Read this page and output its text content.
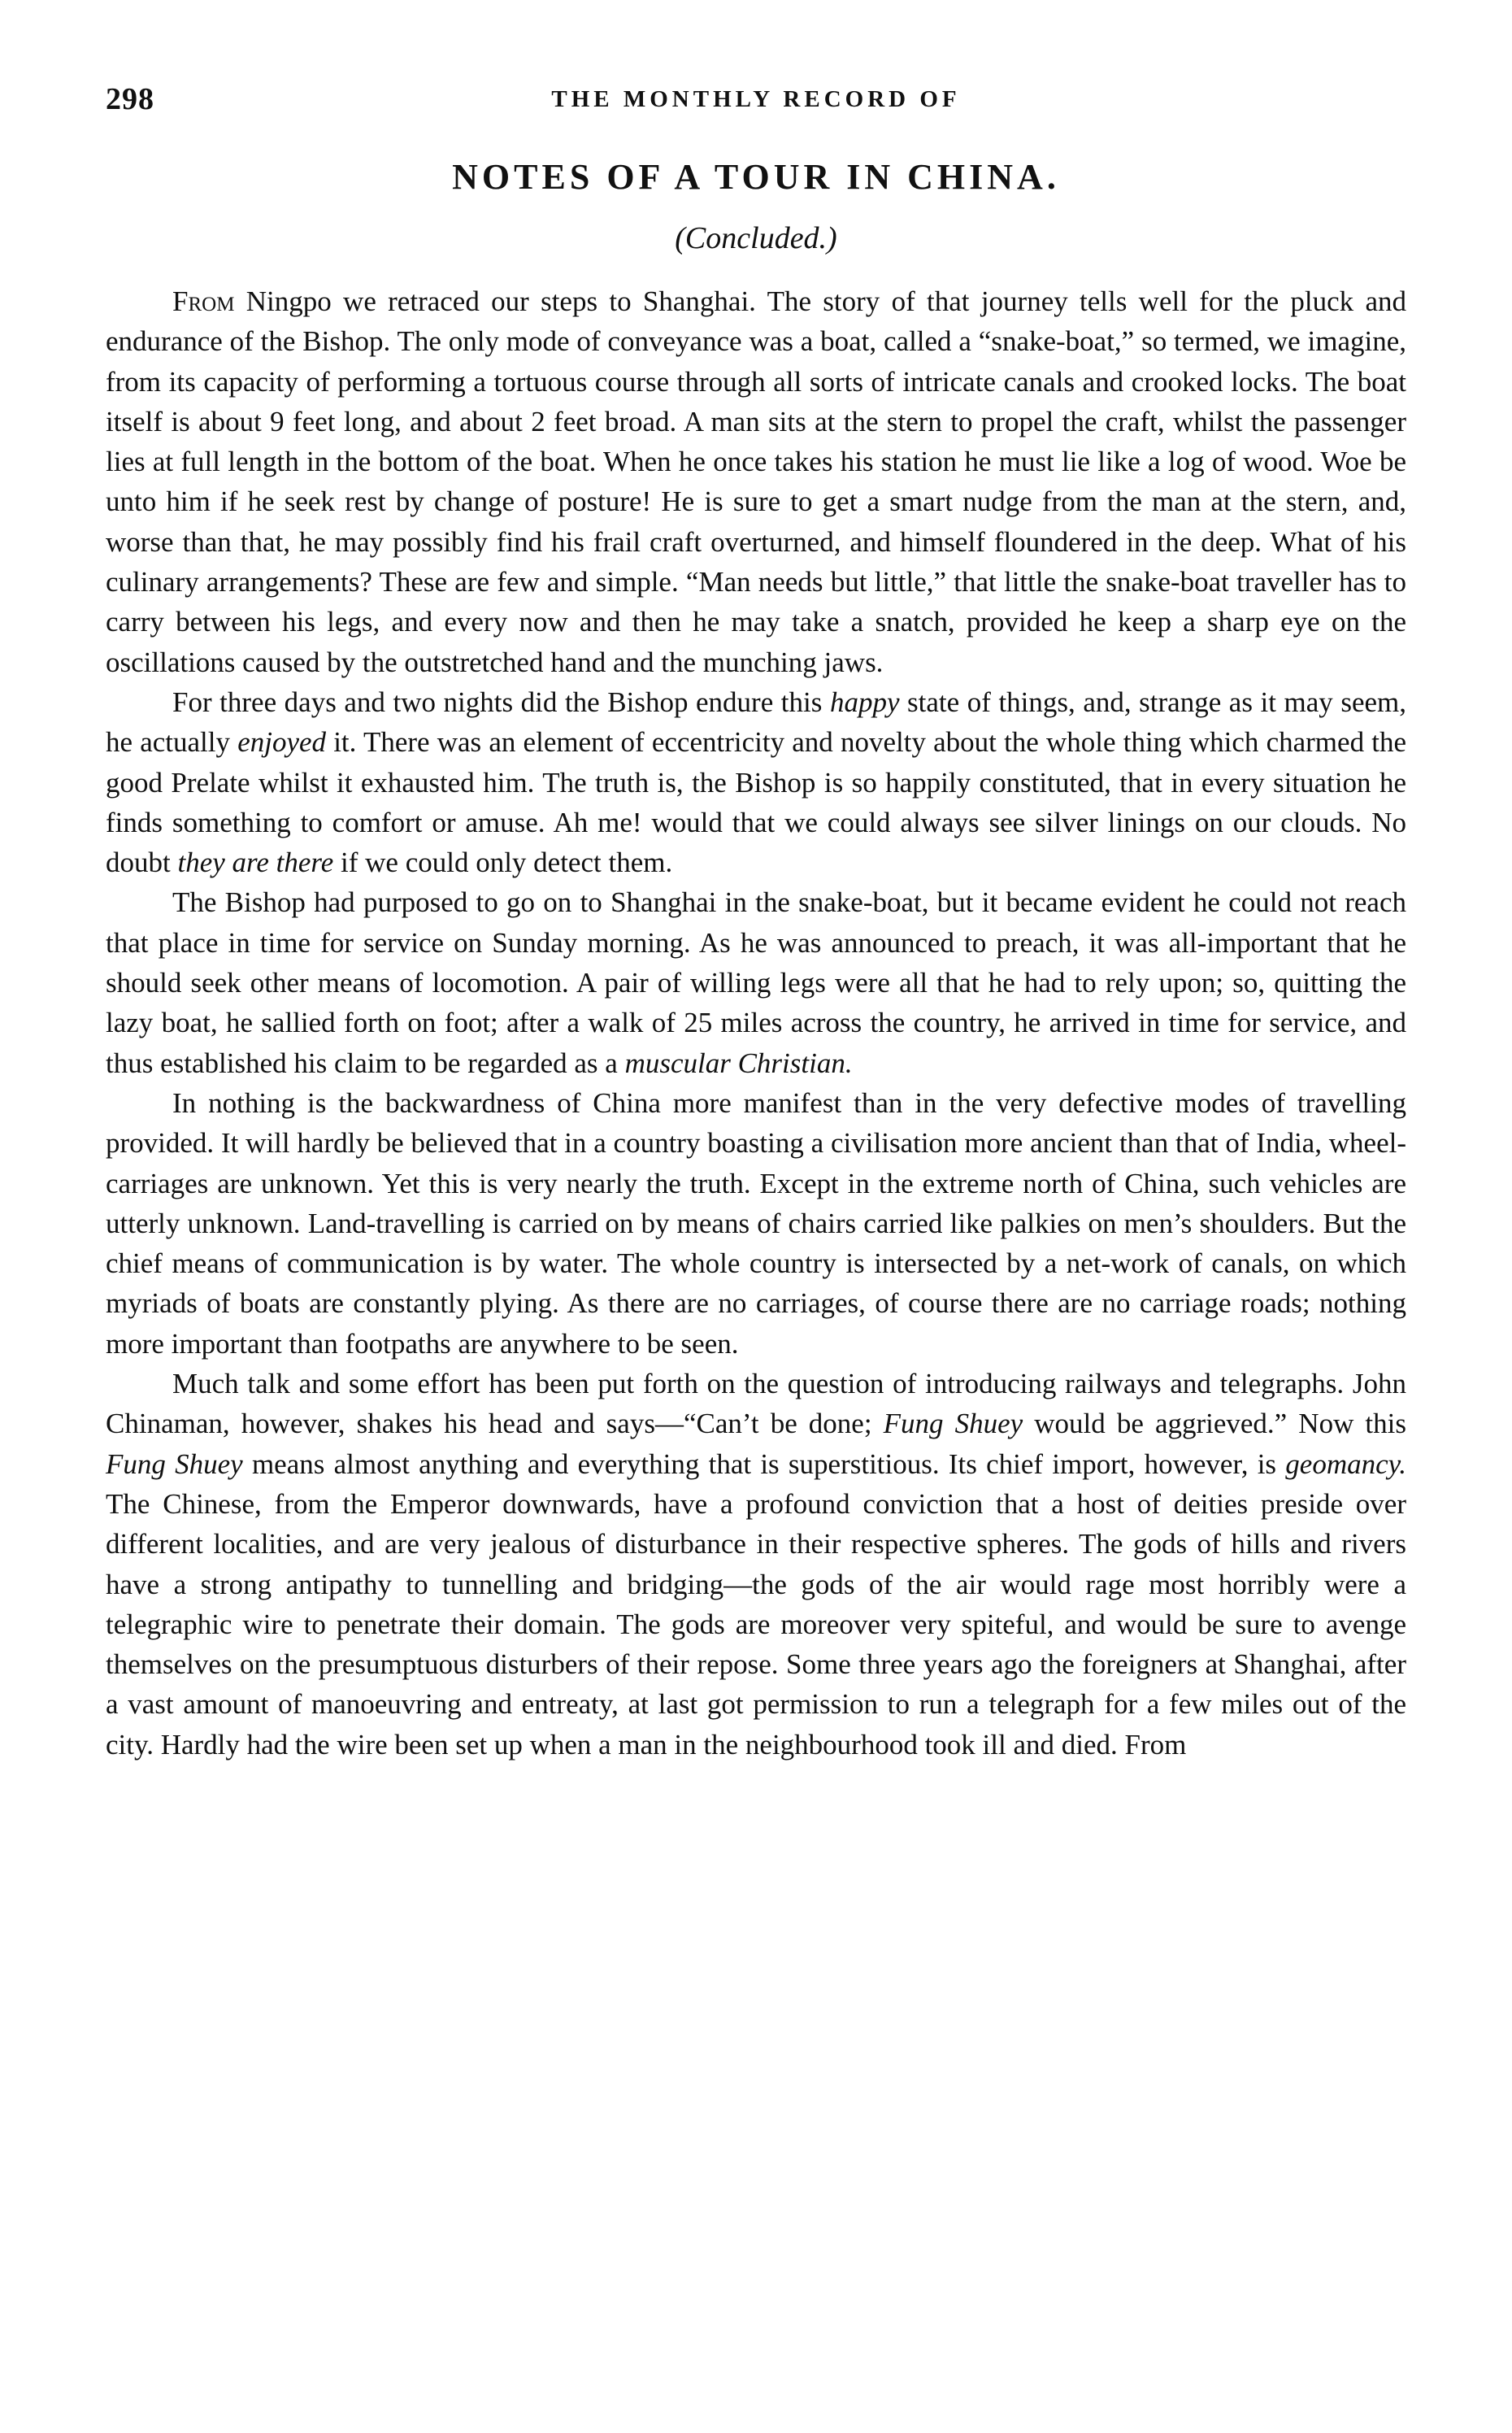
298	THE MONTHLY RECORD OF
NOTES OF A TOUR IN CHINA.
(Concluded.)

From Ningpo we retraced our steps to Shanghai. The story of that journey tells well for the pluck and endurance of the Bishop. The only mode of conveyance was a boat, called a “snake-boat,” so termed, we imagine, from its capacity of performing a tortuous course through all sorts of intricate canals and crooked locks. The boat itself is about 9 feet long, and about 2 feet broad. A man sits at the stern to propel the craft, whilst the passenger lies at full length in the bottom of the boat. When he once takes his station he must lie like a log of wood. Woe be unto him if he seek rest by change of posture! He is sure to get a smart nudge from the man at the stern, and, worse than that, he may possibly find his frail craft overturned, and himself floundered in the deep. What of his culinary arrangements? These are few and simple. “Man needs but little,” that little the snake-boat traveller has to carry between his legs, and every now and then he may take a snatch, provided he keep a sharp eye on the oscillations caused by the outstretched hand and the munching jaws.

For three days and two nights did the Bishop endure this happy state of things, and, strange as it may seem, he actually enjoyed it. There was an element of eccentricity and novelty about the whole thing which charmed the good Prelate whilst it exhausted him. The truth is, the Bishop is so happily constituted, that in every situation he finds something to comfort or amuse. Ah me! would that we could always see silver linings on our clouds. No doubt they are there if we could only detect them.

The Bishop had purposed to go on to Shanghai in the snake-boat, but it became evident he could not reach that place in time for service on Sunday morning. As he was announced to preach, it was all-important that he should seek other means of locomotion. A pair of willing legs were all that he had to rely upon; so, quitting the lazy boat, he sallied forth on foot; after a walk of 25 miles across the country, he arrived in time for service, and thus established his claim to be regarded as a muscular Christian.

In nothing is the backwardness of China more manifest than in the very defective modes of travelling provided. It will hardly be believed that in a country boasting a civilisation more ancient than that of India, wheel-carriages are unknown. Yet this is very nearly the truth. Except in the extreme north of China, such vehicles are utterly unknown. Land-travelling is carried on by means of chairs carried like palkies on men’s shoulders. But the chief means of communication is by water. The whole country is intersected by a net-work of canals, on which myriads of boats are constantly plying. As there are no carriages, of course there are no carriage roads; nothing more important than footpaths are anywhere to be seen.

Much talk and some effort has been put forth on the question of introducing railways and telegraphs. John Chinaman, however, shakes his head and says—“Can’t be done; Fung Shuey would be aggrieved.” Now this Fung Shuey means almost anything and everything that is superstitious. Its chief import, however, is geomancy. The Chinese, from the Emperor downwards, have a profound conviction that a host of deities preside over different localities, and are very jealous of disturbance in their respective spheres. The gods of hills and rivers have a strong antipathy to tunnelling and bridging—the gods of the air would rage most horribly were a telegraphic wire to penetrate their domain. The gods are moreover very spiteful, and would be sure to avenge themselves on the presumptuous disturbers of their repose. Some three years ago the foreigners at Shanghai, after a vast amount of manoeuvring and entreaty, at last got permission to run a telegraph for a few miles out of the city. Hardly had the wire been set up when a man in the neighbourhood took ill and died. From
